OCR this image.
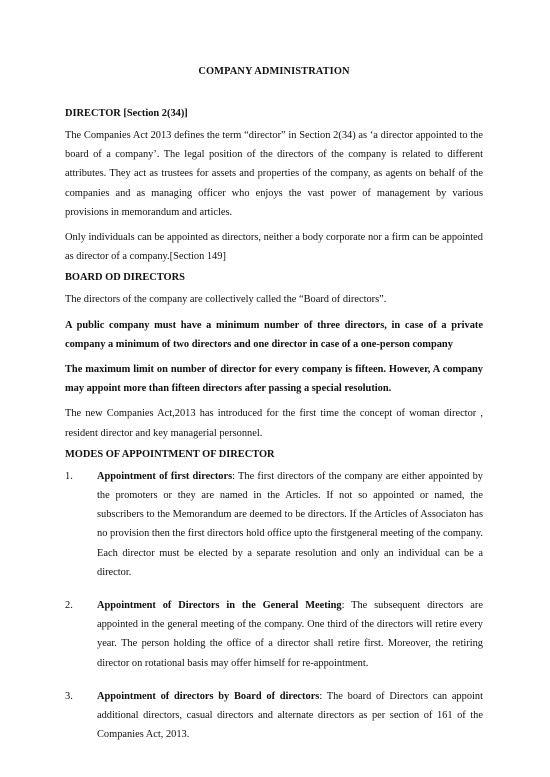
COMPANY ADMINISTRATION
DIRECTOR [Section 2(34)]

The Companies Act 2013 defines the term “director” in Section 2(34) as ‘a director appointed to the board of a company’. The legal position of the directors of the company is related to different attributes. They act as trustees for assets and properties of the company, as agents on behalf of the companies and as managing officer who enjoys the vast power of management by various provisions in memorandum and articles.

Only individuals can be appointed as directors, neither a body corporate nor a firm can be appointed as director of a company.[Section 149]

BOARD OD DIRECTORS

The directors of the company are collectively called the “Board of directors”.

A public company must have a minimum number of three directors, in case of a private company a minimum of two directors and one director in case of a one-person company

The maximum limit on number of director for every company is fifteen. However, A company may appoint more than fifteen directors after passing a special resolution.

The new Companies Act,2013 has introduced for the first time the concept of woman director , resident director and key managerial personnel.

MODES OF APPOINTMENT OF DIRECTOR
1. Appointment of first directors: The first directors of the company are either appointed by the promoters or they are named in the Articles. If not so appointed or named, the subscribers to the Memorandum are deemed to be directors. If the Articles of Associaton has no provision then the first directors hold office upto the firstgeneral meeting of the company. Each director must be elected by a separate resolution and only an individual can be a director.
2. Appointment of Directors in the General Meeting: The subsequent directors are appointed in the general meeting of the company. One third of the directors will retire every year. The person holding the office of a director shall retire first. Moreover, the retiring director on rotational basis may offer himself for re-appointment.
3. Appointment of directors by Board of directors: The board of Directors can appoint additional directors, casual directors and alternate directors as per section of 161 of the Companies Act, 2013.
